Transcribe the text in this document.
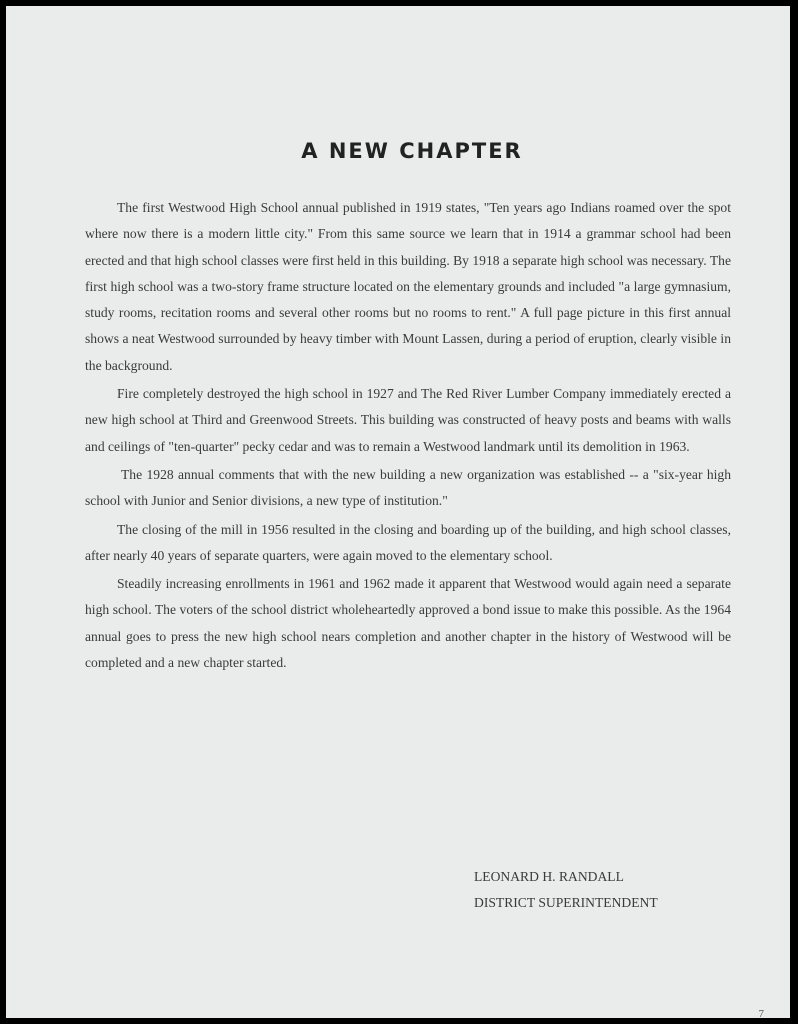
A NEW CHAPTER

The first Westwood High School annual published in 1919 states, "Ten years ago Indians roamed over the spot where now there is a modern little city." From this same source we learn that in 1914 a grammar school had been erected and that high school classes were first held in this building. By 1918 a separate high school was necessary. The first high school was a two-story frame structure located on the elementary grounds and included "a large gymnasium, study rooms, recitation rooms and several other rooms but no rooms to rent." A full page picture in this first annual shows a neat Westwood surrounded by heavy timber with Mount Lassen, during a period of eruption, clearly visible in the background.

Fire completely destroyed the high school in 1927 and The Red River Lumber Company immediately erected a new high school at Third and Greenwood Streets. This building was constructed of heavy posts and beams with walls and ceilings of "ten-quarter" pecky cedar and was to remain a Westwood landmark until its demolition in 1963.

The 1928 annual comments that with the new building a new organization was established -- a "six-year high school with Junior and Senior divisions, a new type of institution."

The closing of the mill in 1956 resulted in the closing and boarding up of the building, and high school classes, after nearly 40 years of separate quarters, were again moved to the elementary school.

Steadily increasing enrollments in 1961 and 1962 made it apparent that Westwood would again need a separate high school. The voters of the school district wholeheartedly approved a bond issue to make this possible. As the 1964 annual goes to press the new high school nears completion and another chapter in the history of Westwood will be completed and a new chapter started.

LEONARD H. RANDALL
DISTRICT SUPERINTENDENT
7
